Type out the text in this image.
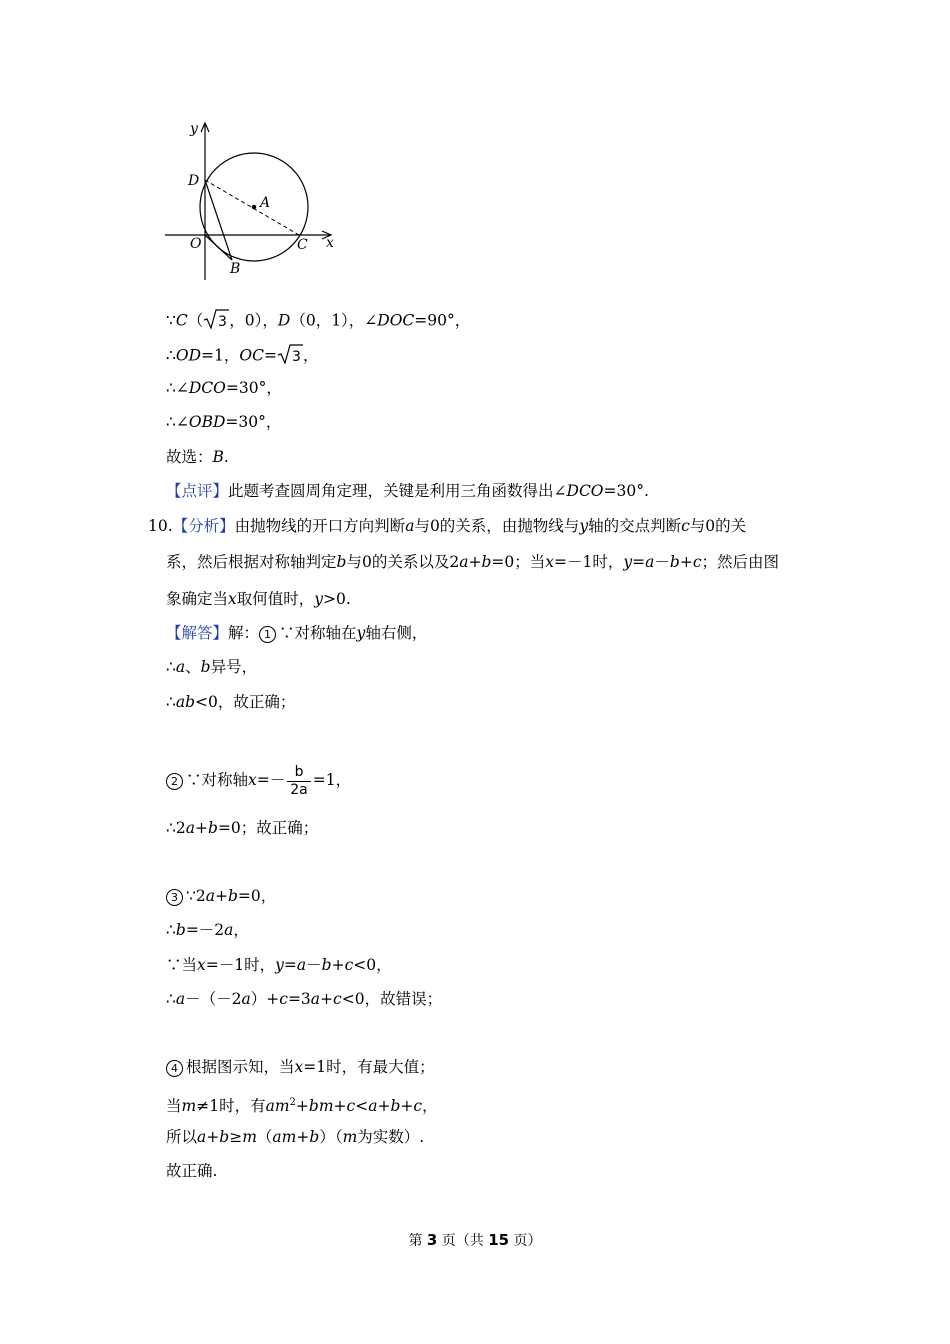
y
x
D
A
O	C
B
∵C（ 3 ，0），D（0，1），∠DOC=90°，
∴OD=1，OC= 3 ，
∴∠DCO=30°，
∴∠OBD=30°，
故选：B.
【点评】此题考查圆周角定理，关键是利用三角函数得出∠DCO=30°.
10.【分析】由抛物线的开口方向判断a与0的关系，由抛物线与y轴的交点判断c与0的关
系，然后根据对称轴判定b与0的关系以及2a+b=0；当x=－1时，y=a－b+c；然后由图
象确定当x取何值时，y>0.
【解答】解： 1 ∵对称轴在y轴右侧，
∴a、b异号，
∴ab<0，故正确；
2 ∵对称轴$x=- \frac{b}{2a} =1$，
∴2a+b=0；故正确；
3 ∵2a+b=0，
∴b=－2a，
∵当x=－1时，y=a－b+c<0，
∴a－（－2a）+c=3a+c<0，故错误；
4 根据图示知，当x=1时，有最大值；
当m≠1时，有$am^2+bm+c<a+b+c$，
所以a+b≥m（am+b）（m为实数）.
故正确.
第 3 页（共 15 页）
